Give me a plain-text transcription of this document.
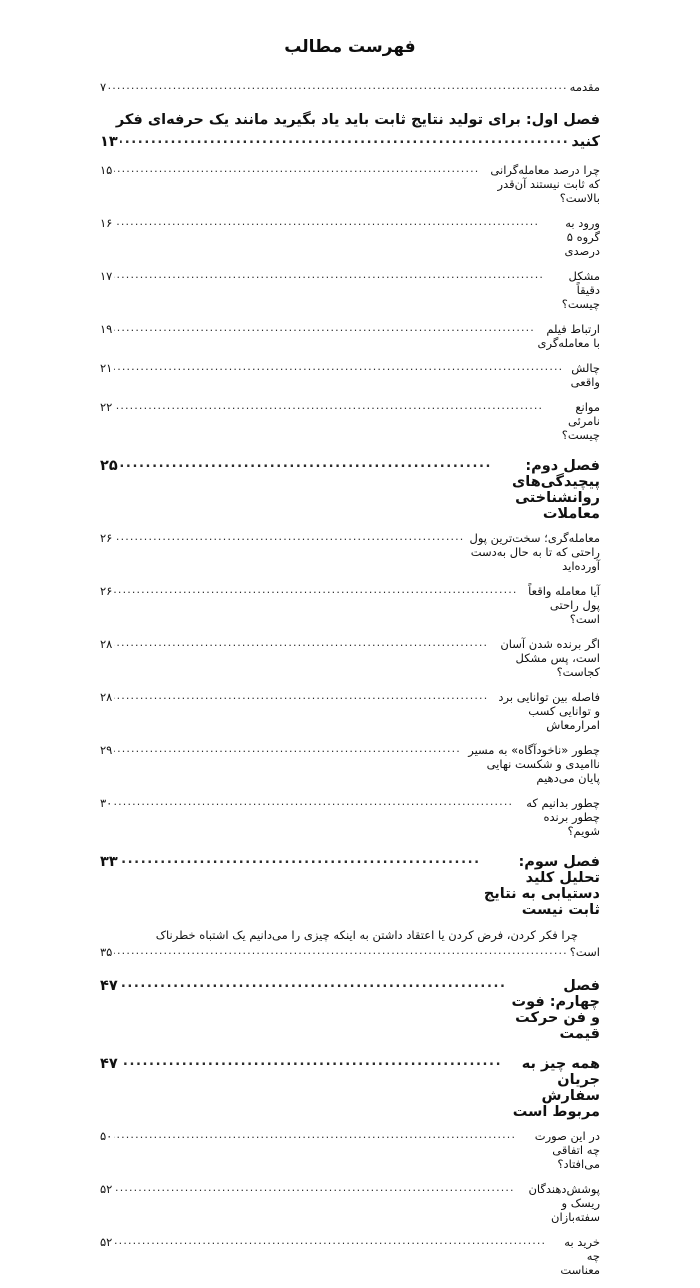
فهرست مطالب
مقدمه
.....
۷
فصل اول: برای تولید نتایج ثابت باید یاد بگیرید مانند یک حرفه‌ای فکر
کنید
.....
۱۳
چرا درصد معامله‌گرانی که ثابت نیستند آن‌قدر بالاست؟
.....
۱۵
ورود به گروه ۵ درصدی
.....
۱۶
مشکل دقیقاً چیست؟
.....
۱۷
ارتباط فیلم با معامله‌گری
.....
۱۹
چالش واقعی
.....
۲۱
موانع نامرئی چیست؟
.....
۲۲
فصل دوم: پیچیدگی‌های روانشناختی معاملات
.....
۲۵
معامله‌گری؛ سخت‌ترین پول راحتی که تا به حال به‌دست آورده‌اید
.....
۲۶
آیا معامله واقعاً پول راحتی است؟
.....
۲۶
اگر برنده شدن آسان است، پس مشکل کجاست؟
.....
۲۸
فاصله بین توانایی برد و توانایی کسب امرارمعاش
.....
۲۸
چطور «ناخودآگاه» به مسیر ناامیدی و شکست نهایی پایان می‌دهیم
.....
۲۹
چطور بدانیم که چطور برنده شویم؟
.....
۳۰
فصل سوم: تحلیل کلید دستیابی به نتایج ثابت نیست
.....
۳۳
چرا فکر کردن، فرض کردن یا اعتقاد داشتن به اینکه چیزی را می‌دانیم یک اشتباه خطرناک
است؟
.....
۳۵
فصل چهارم: فوت و فن حرکت قیمت
.....
۴۷
همه چیز به جریان سفارش مربوط است
.....
۴۷
در این صورت چه اتفاقی می‌افتاد؟
.....
۵۰
پوشش‌دهندگان ریسک و سفته‌بازان
.....
۵۲
خرید به چه معناست
.....
۵۲
